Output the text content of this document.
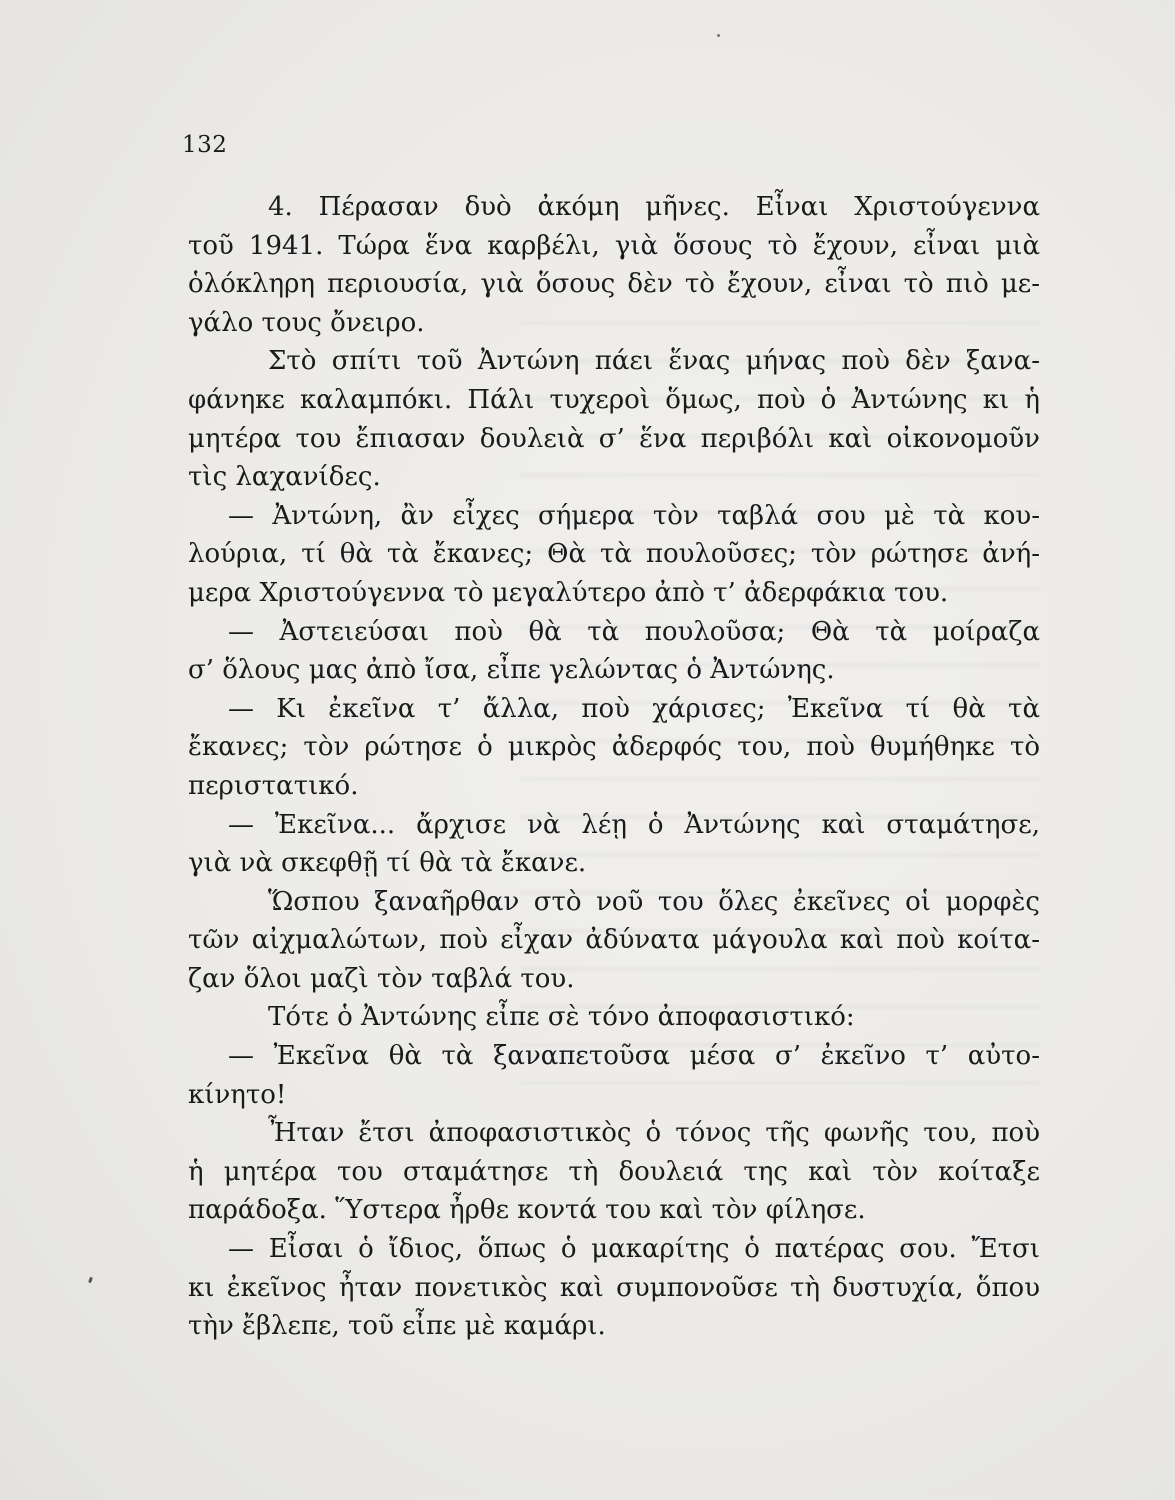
132
4. Πέρασαν δυὸ ἀκόμη μῆνες. Εἶναι Χριστούγεννα
τοῦ 1941. Τώρα ἕνα καρβέλι, γιὰ ὅσους τὸ ἔχουν, εἶναι μιὰ
ὁλόκληρη περιουσία, γιὰ ὅσους δὲν τὸ ἔχουν, εἶναι τὸ πιὸ με-
γάλο τους ὄνειρο.
Στὸ σπίτι τοῦ Ἀντώνη πάει ἕνας μήνας ποὺ δὲν ξανα-
φάνηκε καλαμπόκι. Πάλι τυχεροὶ ὅμως, ποὺ ὁ Ἀντώνης κι ἡ
μητέρα του ἔπιασαν δουλειὰ σ’ ἕνα περιβόλι καὶ οἰκονομοῦν
τὶς λαχανίδες.
— Ἀντώνη, ἂν εἶχες σήμερα τὸν ταβλά σου μὲ τὰ κου-
λούρια, τί θὰ τὰ ἔκανες; Θὰ τὰ πουλοῦσες; τὸν ρώτησε ἀνή-
μερα Χριστούγεννα τὸ μεγαλύτερο ἀπὸ τ’ ἀδερφάκια του.
— Ἀστειεύσαι ποὺ θὰ τὰ πουλοῦσα; Θὰ τὰ μοίραζα
σ’ ὅλους μας ἀπὸ ἴσα, εἶπε γελώντας ὁ Ἀντώνης.
— Κι ἐκεῖνα τ’ ἄλλα, ποὺ χάρισες; Ἐκεῖνα τί θὰ τὰ
ἔκανες; τὸν ρώτησε ὁ μικρὸς ἀδερφός του, ποὺ θυμήθηκε τὸ
περιστατικό.
— Ἐκεῖνα... ἄρχισε νὰ λέῃ ὁ Ἀντώνης καὶ σταμάτησε,
γιὰ νὰ σκεφθῇ τί θὰ τὰ ἔκανε.
Ὥσπου ξαναῆρθαν στὸ νοῦ του ὅλες ἐκεῖνες οἱ μορφὲς
τῶν αἰχμαλώτων, ποὺ εἶχαν ἀδύνατα μάγουλα καὶ ποὺ κοίτα-
ζαν ὅλοι μαζὶ τὸν ταβλά του.
Τότε ὁ Ἀντώνης εἶπε σὲ τόνο ἀποφασιστικό:
— Ἐκεῖνα θὰ τὰ ξαναπετοῦσα μέσα σ’ ἐκεῖνο τ’ αὐτο-
κίνητο!
Ἦταν ἔτσι ἀποφασιστικὸς ὁ τόνος τῆς φωνῆς του, ποὺ
ἡ μητέρα του σταμάτησε τὴ δουλειά της καὶ τὸν κοίταξε
παράδοξα. Ὕστερα ἦρθε κοντά του καὶ τὸν φίλησε.
— Εἶσαι ὁ ἴδιος, ὅπως ὁ μακαρίτης ὁ πατέρας σου. Ἔτσι
κι ἐκεῖνος ἦταν πονετικὸς καὶ συμπονοῦσε τὴ δυστυχία, ὅπου
τὴν ἔβλεπε, τοῦ εἶπε μὲ καμάρι.
